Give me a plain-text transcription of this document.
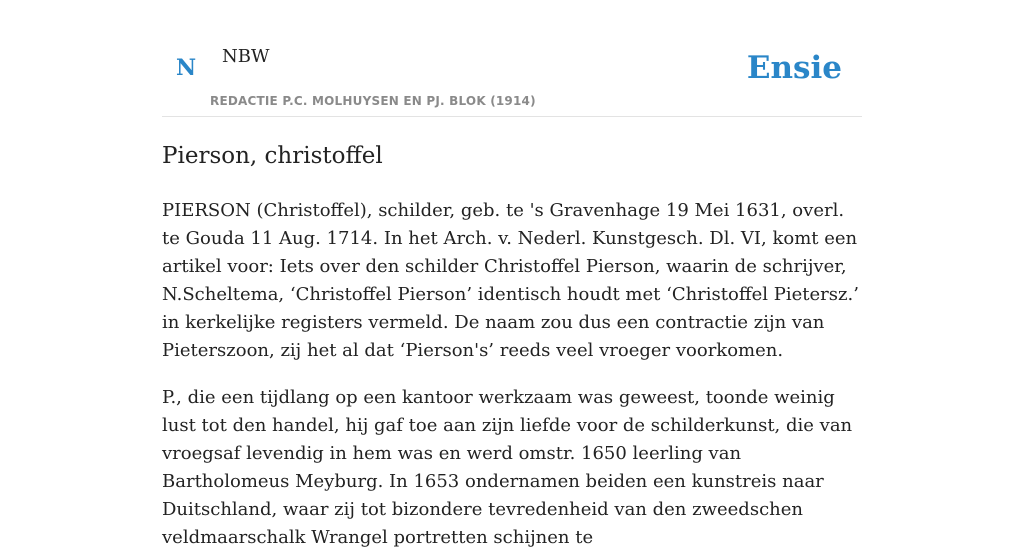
N NBW
REDACTIE P.C. MOLHUYSEN EN PJ. BLOK (1914)
Ensie
Pierson, christoffel

PIERSON (Christoffel), schilder, geb. te 's Gravenhage 19 Mei 1631, overl. te Gouda 11 Aug. 1714. In het Arch. v. Nederl. Kunstgesch. Dl. VI, komt een artikel voor: Iets over den schilder Christoffel Pierson, waarin de schrijver, N.Scheltema, ‘Christoffel Pierson’ identisch houdt met ‘Christoffel Pietersz.’ in kerkelijke registers vermeld. De naam zou dus een contractie zijn van Pieterszoon, zij het al dat ‘Pierson's’ reeds veel vroeger voorkomen.

P., die een tijdlang op een kantoor werkzaam was geweest, toonde weinig lust tot den handel, hij gaf toe aan zijn liefde voor de schilderkunst, die van vroegsaf levendig in hem was en werd omstr. 1650 leerling van Bartholomeus Meyburg. In 1653 ondernamen beiden een kunstreis naar Duitschland, waar zij tot bizondere tevredenheid van den zweedschen veldmaarschalk Wrangel portretten schijnen te
